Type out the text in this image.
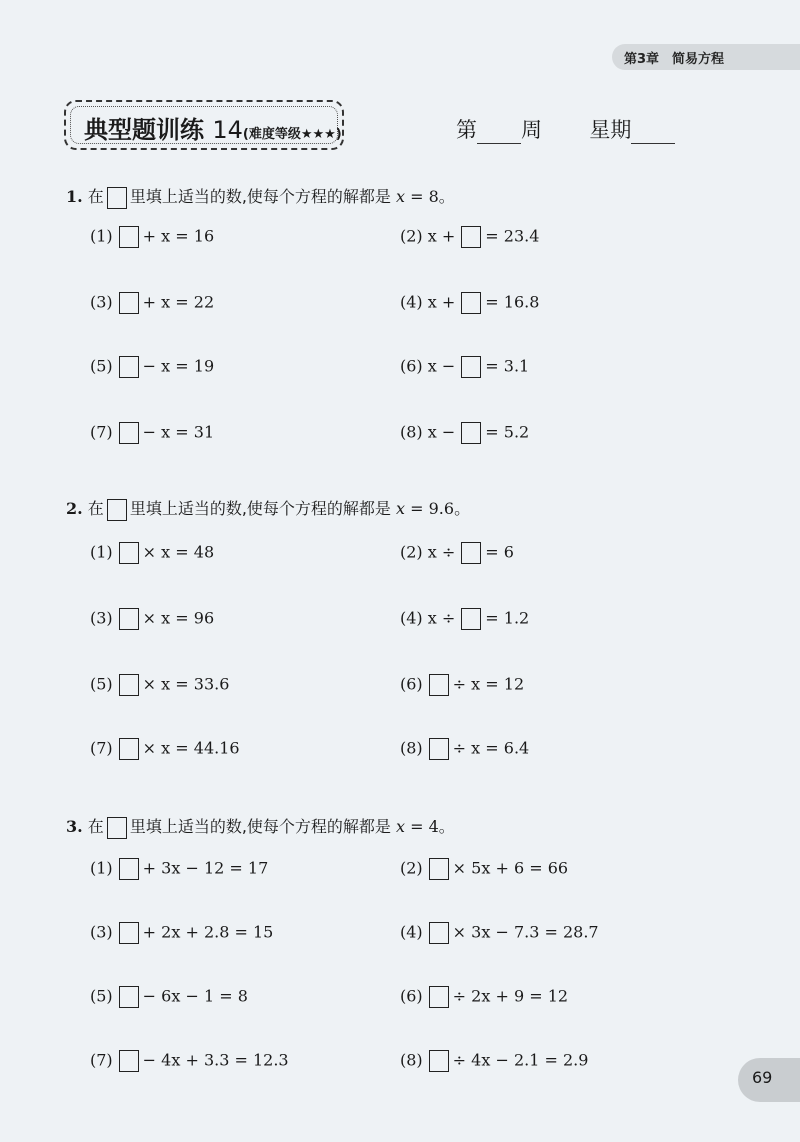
第3章　简易方程
典型题训练 14(难度等级★★★)	第 周 星期
1. 在 里填上适当的数,使每个方程的解都是 x = 8。
(1) + x = 16	(2) x + = 23.4
(3) + x = 22	(4) x + = 16.8
(5) − x = 19	(6) x − = 3.1
(7) − x = 31	(8) x − = 5.2
2. 在 里填上适当的数,使每个方程的解都是 x = 9.6。
(1) × x = 48	(2) x ÷ = 6
(3) × x = 96	(4) x ÷ = 1.2
(5) × x = 33.6	(6) ÷ x = 12
(7) × x = 44.16	(8) ÷ x = 6.4
3. 在 里填上适当的数,使每个方程的解都是 x = 4。
(1) + 3x − 12 = 17	(2) × 5x + 6 = 66
(3) + 2x + 2.8 = 15	(4) × 3x − 7.3 = 28.7
(5) − 6x − 1 = 8	(6) ÷ 2x + 9 = 12
(7) − 4x + 3.3 = 12.3	(8) ÷ 4x − 2.1 = 2.9
69
